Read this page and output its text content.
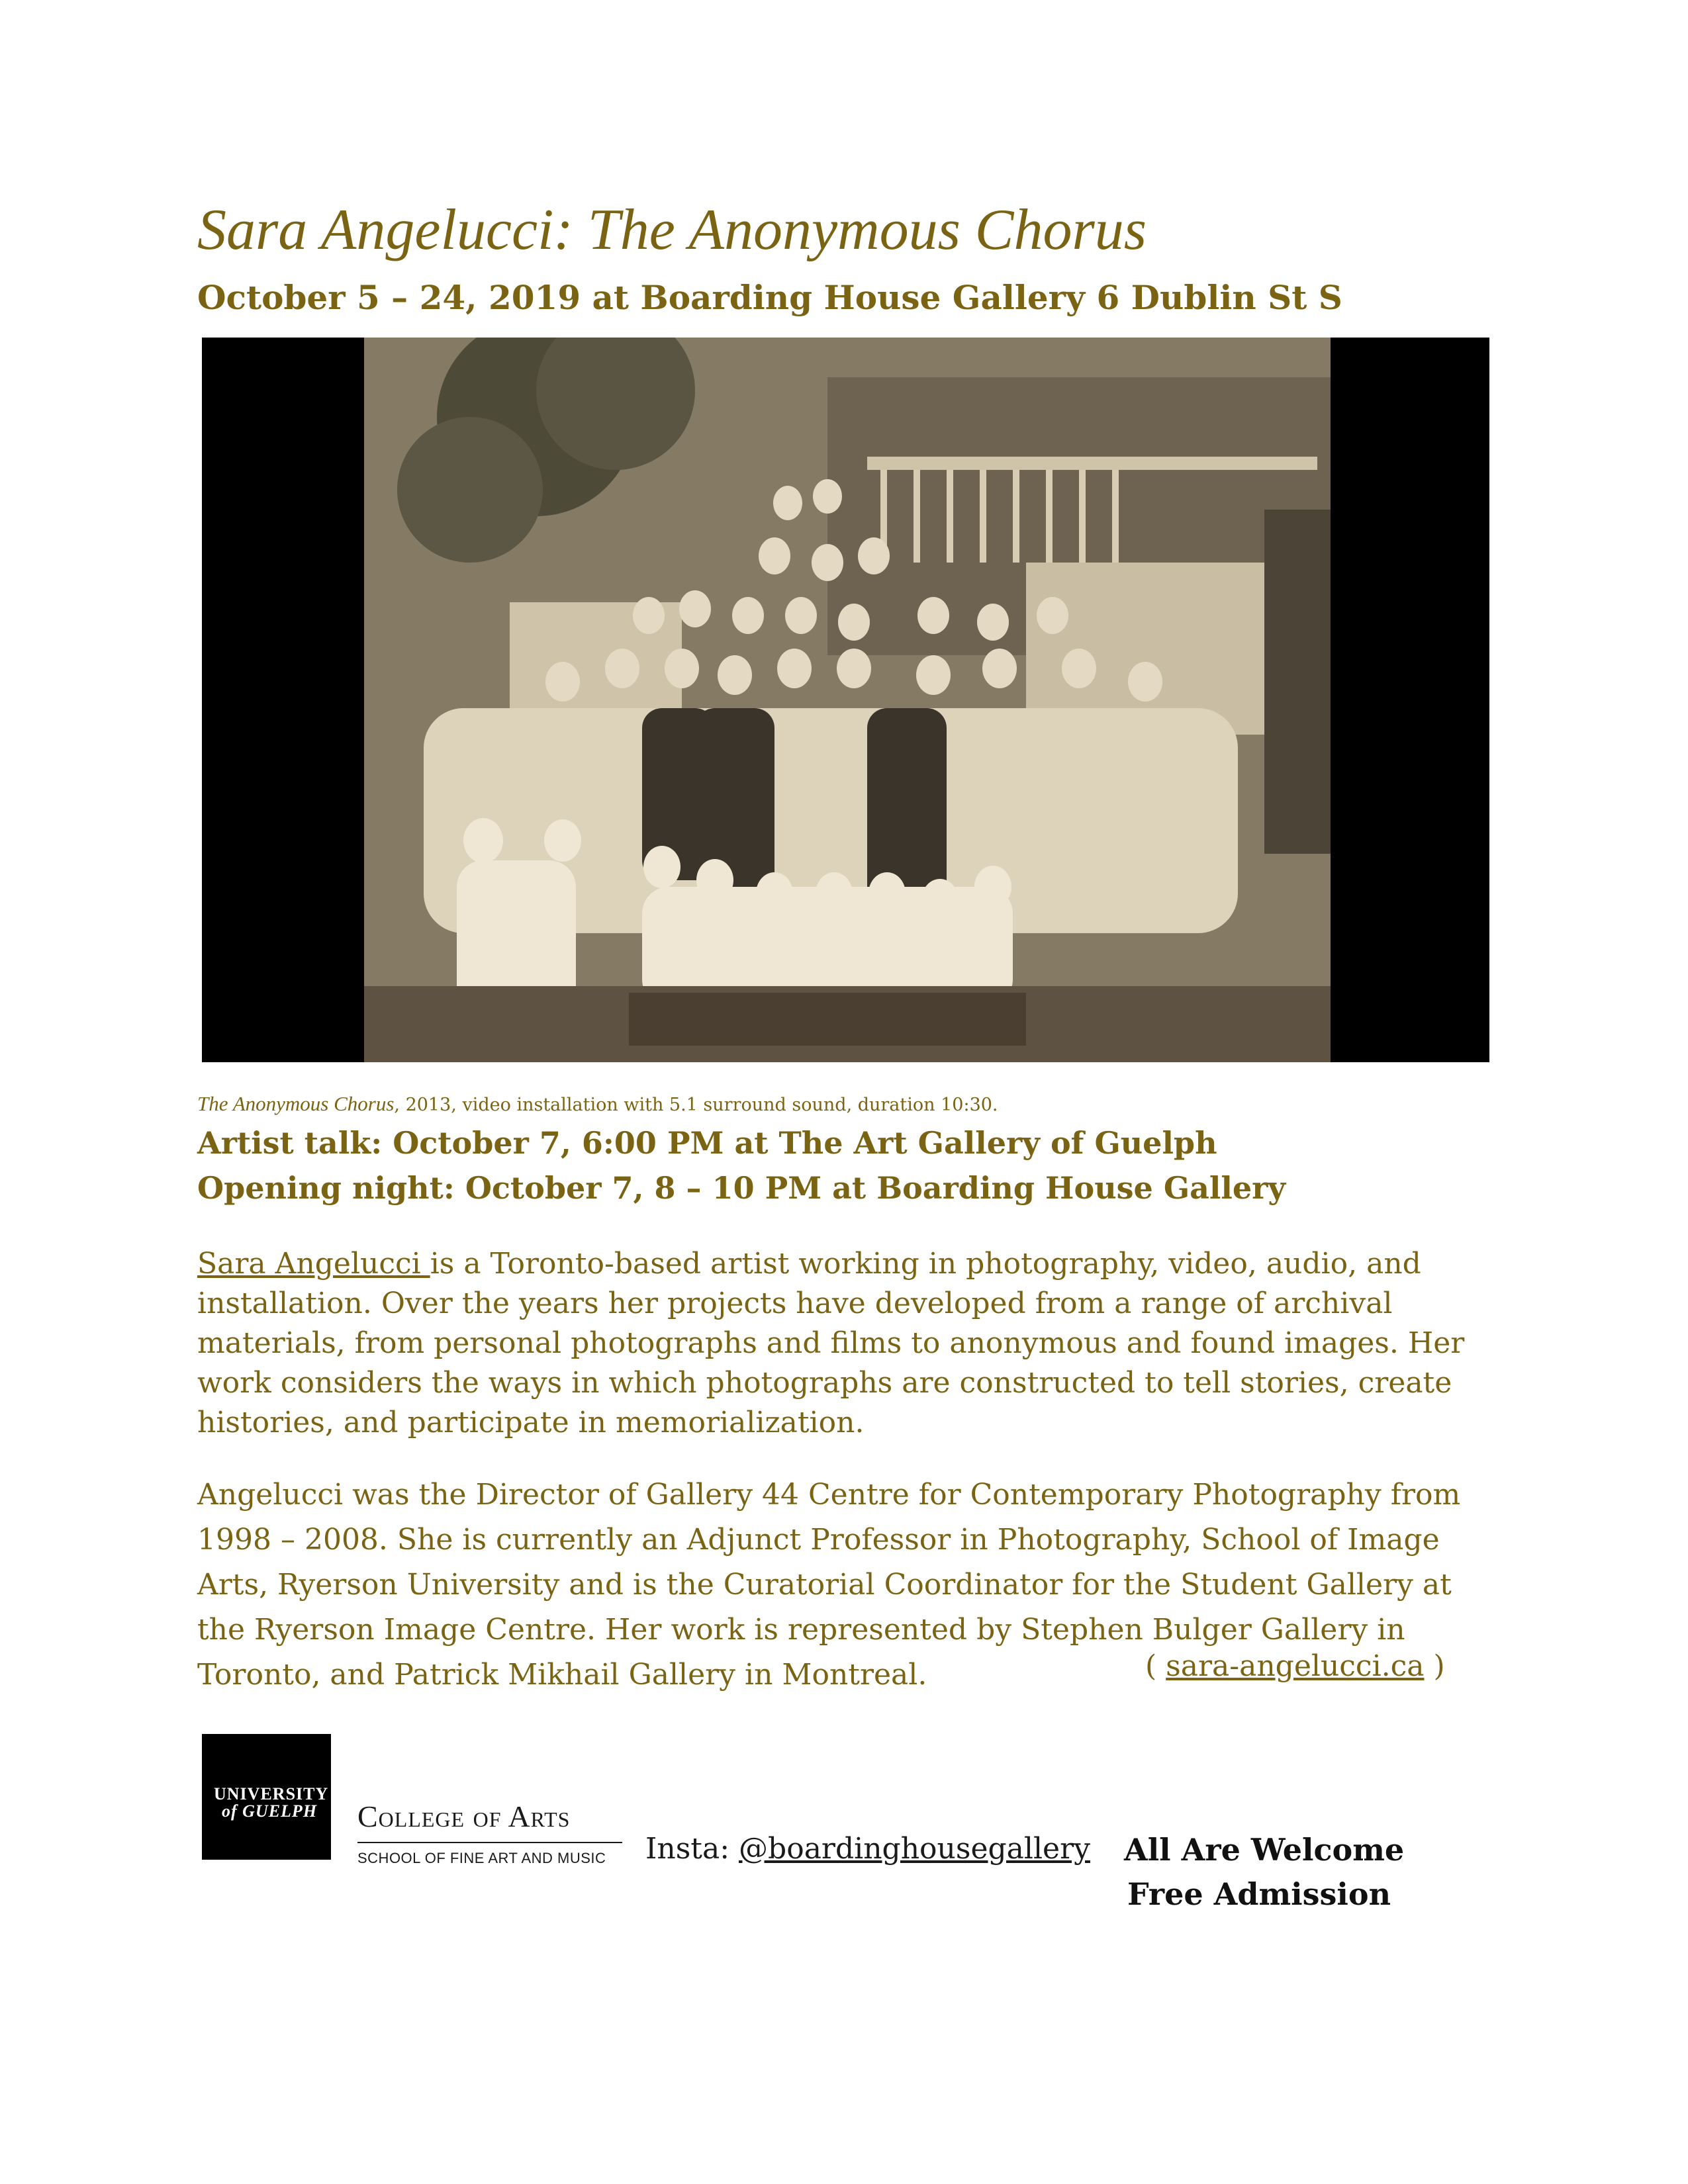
Sara Angelucci: The Anonymous Chorus
October 5 – 24, 2019 at Boarding House Gallery 6 Dublin St S
The Anonymous Chorus, 2013, video installation with 5.1 surround sound, duration 10:30.
Artist talk: October 7, 6:00 PM at The Art Gallery of Guelph
Opening night: October 7, 8 – 10 PM at Boarding House Gallery
Sara Angelucci is a Toronto-based artist working in photography, video, audio, and installation. Over the years her projects have developed from a range of archival materials, from personal photographs and films to anonymous and found images. Her work considers the ways in which photographs are constructed to tell stories, create histories, and participate in memorialization.
Angelucci was the Director of Gallery 44 Centre for Contemporary Photography from 1998 – 2008. She is currently an Adjunct Professor in Photography, School of Image Arts, Ryerson University and is the Curatorial Coordinator for the Student Gallery at the Ryerson Image Centre. Her work is represented by Stephen Bulger Gallery in Toronto, and Patrick Mikhail Gallery in Montreal.	( sara-angelucci.ca )
UNIVERSITY
of GUELPH	College of Arts
SCHOOL OF FINE ART AND MUSIC Insta: @boardinghousegallery All Are Welcome
Free Admission
